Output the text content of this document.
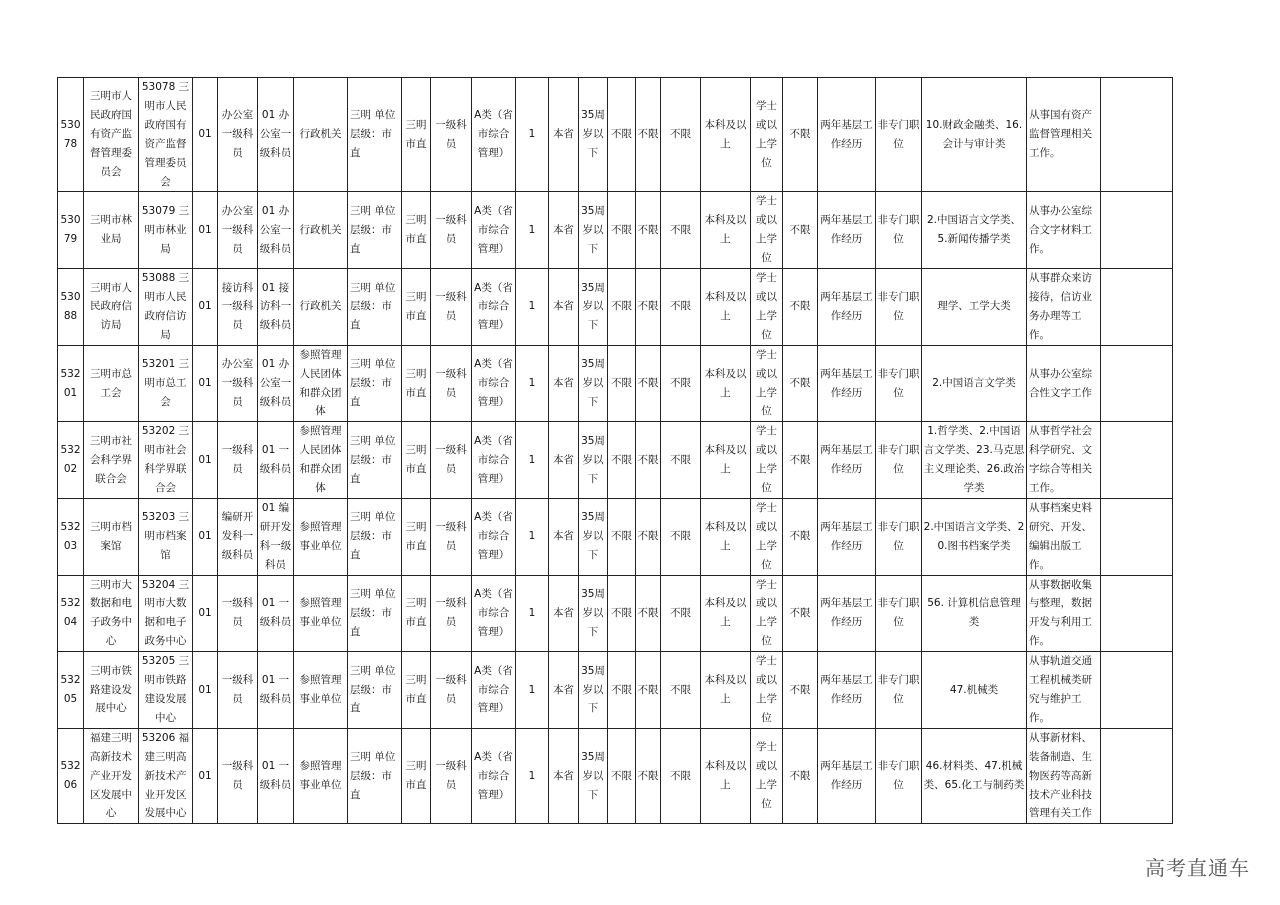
53078	三明市人民政府国有资产监督管理委员会	53078 三明市人民政府国有资产监督管理委员会	01	办公室一级科员	01 办公室一级科员	行政机关	三明 单位层级：市直	三明市直	一级科员	A类（省市综合管理）	1	本省	35周岁以下	不限	不限	不限	本科及以上	学士或以上学位	不限	两年基层工作经历	非专门职位	10.财政金融类、16.会计与审计类	从事国有资产监督管理相关工作。	
53079	三明市林业局	53079 三明市林业局	01	办公室一级科员	01 办公室一级科员	行政机关	三明 单位层级：市直	三明市直	一级科员	A类（省市综合管理）	1	本省	35周岁以下	不限	不限	不限	本科及以上	学士或以上学位	不限	两年基层工作经历	非专门职位	2.中国语言文学类、5.新闻传播学类	从事办公室综合文字材料工作。	
53088	三明市人民政府信访局	53088 三明市人民政府信访局	01	接访科一级科员	01 接访科一级科员	行政机关	三明 单位层级：市直	三明市直	一级科员	A类（省市综合管理）	1	本省	35周岁以下	不限	不限	不限	本科及以上	学士或以上学位	不限	两年基层工作经历	非专门职位	理学、工学大类	从事群众来访接待，信访业务办理等工作。	
53201	三明市总工会	53201 三明市总工会	01	办公室一级科员	01 办公室一级科员	参照管理人民团体和群众团体	三明 单位层级：市直	三明市直	一级科员	A类（省市综合管理）	1	本省	35周岁以下	不限	不限	不限	本科及以上	学士或以上学位	不限	两年基层工作经历	非专门职位	2.中国语言文学类	从事办公室综合性文字工作	
53202	三明市社会科学界联合会	53202 三明市社会科学界联合会	01	一级科员	01 一级科员	参照管理人民团体和群众团体	三明 单位层级：市直	三明市直	一级科员	A类（省市综合管理）	1	本省	35周岁以下	不限	不限	不限	本科及以上	学士或以上学位	不限	两年基层工作经历	非专门职位	1.哲学类、2.中国语言文学类、23.马克思主义理论类、26.政治学类	从事哲学社会科学研究、文字综合等相关工作。	
53203	三明市档案馆	53203 三明市档案馆	01	编研开发科一级科员	01 编研开发科一级科员	参照管理事业单位	三明 单位层级：市直	三明市直	一级科员	A类（省市综合管理）	1	本省	35周岁以下	不限	不限	不限	本科及以上	学士或以上学位	不限	两年基层工作经历	非专门职位	2.中国语言文学类、20.图书档案学类	从事档案史料研究、开发、编辑出版工作。	
53204	三明市大数据和电子政务中心	53204 三明市大数据和电子政务中心	01	一级科员	01 一级科员	参照管理事业单位	三明 单位层级：市直	三明市直	一级科员	A类（省市综合管理）	1	本省	35周岁以下	不限	不限	不限	本科及以上	学士或以上学位	不限	两年基层工作经历	非专门职位	56. 计算机信息管理类	从事数据收集与整理，数据开发与利用工作。	
53205	三明市铁路建设发展中心	53205 三明市铁路建设发展中心	01	一级科员	01 一级科员	参照管理事业单位	三明 单位层级：市直	三明市直	一级科员	A类（省市综合管理）	1	本省	35周岁以下	不限	不限	不限	本科及以上	学士或以上学位	不限	两年基层工作经历	非专门职位	47.机械类	从事轨道交通工程机械类研究与维护工作。	
53206	福建三明高新技术产业开发区发展中心	53206 福建三明高新技术产业开发区发展中心	01	一级科员	01 一级科员	参照管理事业单位	三明 单位层级：市直	三明市直	一级科员	A类（省市综合管理）	1	本省	35周岁以下	不限	不限	不限	本科及以上	学士或以上学位	不限	两年基层工作经历	非专门职位	46.材料类、47.机械类、65.化工与制药类	从事新材料、装备制造、生物医药等高新技术产业科技管理有关工作	
高考直通车
